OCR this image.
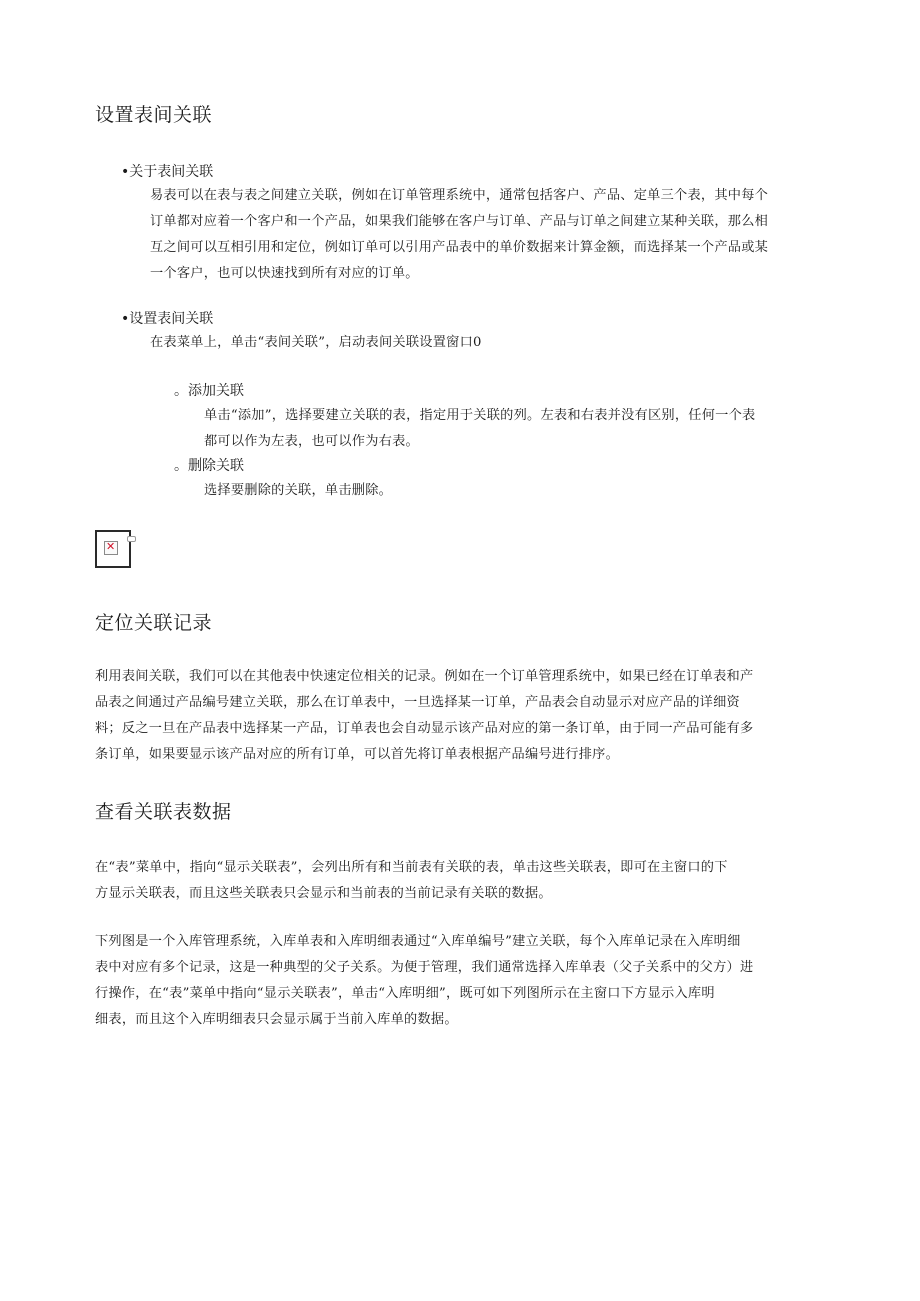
设置表间关联
•关于表间关联
易表可以在表与表之间建立关联，例如在订单管理系统中，通常包括客户、产品、定单三个表，其中每个
订单都对应着一个客户和一个产品，如果我们能够在客户与订单、产品与订单之间建立某种关联，那么相
互之间可以互相引用和定位，例如订单可以引用产品表中的单价数据来计算金额，而选择某一个产品或某
一个客户，也可以快速找到所有对应的订单。
•设置表间关联
在表菜单上，单击“表间关联”，启动表间关联设置窗口0
。添加关联
单击“添加”，选择要建立关联的表，指定用于关联的列。左表和右表并没有区别，任何一个表
都可以作为左表，也可以作为右表。
。删除关联
选择要删除的关联，单击删除。
✕
定位关联记录
利用表间关联，我们可以在其他表中快速定位相关的记录。例如在一个订单管理系统中，如果已经在订单表和产
品表之间通过产品编号建立关联，那么在订单表中，一旦选择某一订单，产品表会自动显示对应产品的详细资
料；反之一旦在产品表中选择某一产品，订单表也会自动显示该产品对应的第一条订单，由于同一产品可能有多
条订单，如果要显示该产品对应的所有订单，可以首先将订单表根据产品编号进行排序。
查看关联表数据
在“表”菜单中，指向“显示关联表”，会列出所有和当前表有关联的表，单击这些关联表，即可在主窗口的下
方显示关联表，而且这些关联表只会显示和当前表的当前记录有关联的数据。
下列图是一个入库管理系统，入库单表和入库明细表通过“入库单编号”建立关联，每个入库单记录在入库明细
表中对应有多个记录，这是一种典型的父子关系。为便于管理，我们通常选择入库单表（父子关系中的父方）进
行操作，在“表”菜单中指向“显示关联表”，单击“入库明细”，既可如下列图所示在主窗口下方显示入库明
细表，而且这个入库明细表只会显示属于当前入库单的数据。
